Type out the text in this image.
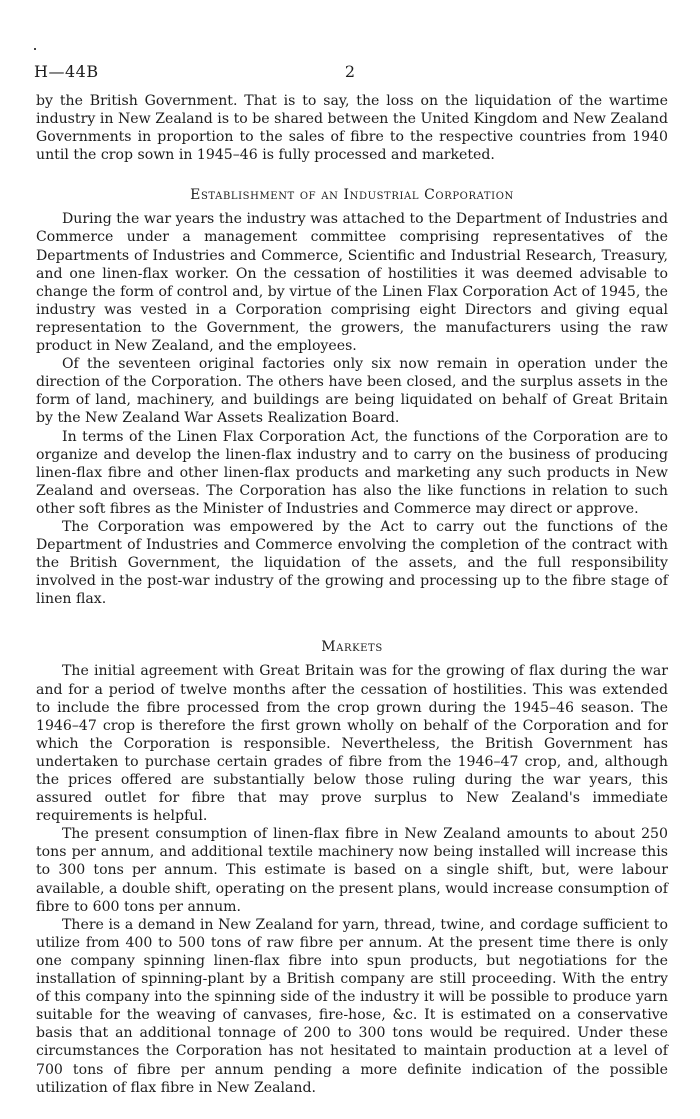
H—44B	2

by the British Government. That is to say, the loss on the liquidation of the wartime industry in New Zealand is to be shared between the United Kingdom and New Zealand Governments in proportion to the sales of fibre to the respective countries from 1940 until the crop sown in 1945–46 is fully processed and marketed.

Establishment of an Industrial Corporation

During the war years the industry was attached to the Department of Industries and Commerce under a management committee comprising representatives of the Departments of Industries and Commerce, Scientific and Industrial Research, Treasury, and one linen-flax worker. On the cessation of hostilities it was deemed advisable to change the form of control and, by virtue of the Linen Flax Corporation Act of 1945, the industry was vested in a Corporation comprising eight Directors and giving equal representation to the Government, the growers, the manufacturers using the raw product in New Zealand, and the employees.

Of the seventeen original factories only six now remain in operation under the direction of the Corporation. The others have been closed, and the surplus assets in the form of land, machinery, and buildings are being liquidated on behalf of Great Britain by the New Zealand War Assets Realization Board.

In terms of the Linen Flax Corporation Act, the functions of the Corporation are to organize and develop the linen-flax industry and to carry on the business of producing linen-flax fibre and other linen-flax products and marketing any such products in New Zealand and overseas. The Corporation has also the like functions in relation to such other soft fibres as the Minister of Industries and Commerce may direct or approve.

The Corporation was empowered by the Act to carry out the functions of the Department of Industries and Commerce envolving the completion of the contract with the British Government, the liquidation of the assets, and the full responsibility involved in the post-war industry of the growing and processing up to the fibre stage of linen flax.

Markets

The initial agreement with Great Britain was for the growing of flax during the war and for a period of twelve months after the cessation of hostilities. This was extended to include the fibre processed from the crop grown during the 1945–46 season. The 1946–47 crop is therefore the first grown wholly on behalf of the Corporation and for which the Corporation is responsible. Nevertheless, the British Government has undertaken to purchase certain grades of fibre from the 1946–47 crop, and, although the prices offered are substantially below those ruling during the war years, this assured outlet for fibre that may prove surplus to New Zealand's immediate requirements is helpful.

The present consumption of linen-flax fibre in New Zealand amounts to about 250 tons per annum, and additional textile machinery now being installed will increase this to 300 tons per annum. This estimate is based on a single shift, but, were labour available, a double shift, operating on the present plans, would increase consumption of fibre to 600 tons per annum.

There is a demand in New Zealand for yarn, thread, twine, and cordage sufficient to utilize from 400 to 500 tons of raw fibre per annum. At the present time there is only one company spinning linen-flax fibre into spun products, but negotiations for the installation of spinning-plant by a British company are still proceeding. With the entry of this company into the spinning side of the industry it will be possible to produce yarn suitable for the weaving of canvases, fire-hose, &c. It is estimated on a conservative basis that an additional tonnage of 200 to 300 tons would be required. Under these circumstances the Corporation has not hesitated to maintain production at a level of 700 tons of fibre per annum pending a more definite indication of the possible utilization of flax fibre in New Zealand.
